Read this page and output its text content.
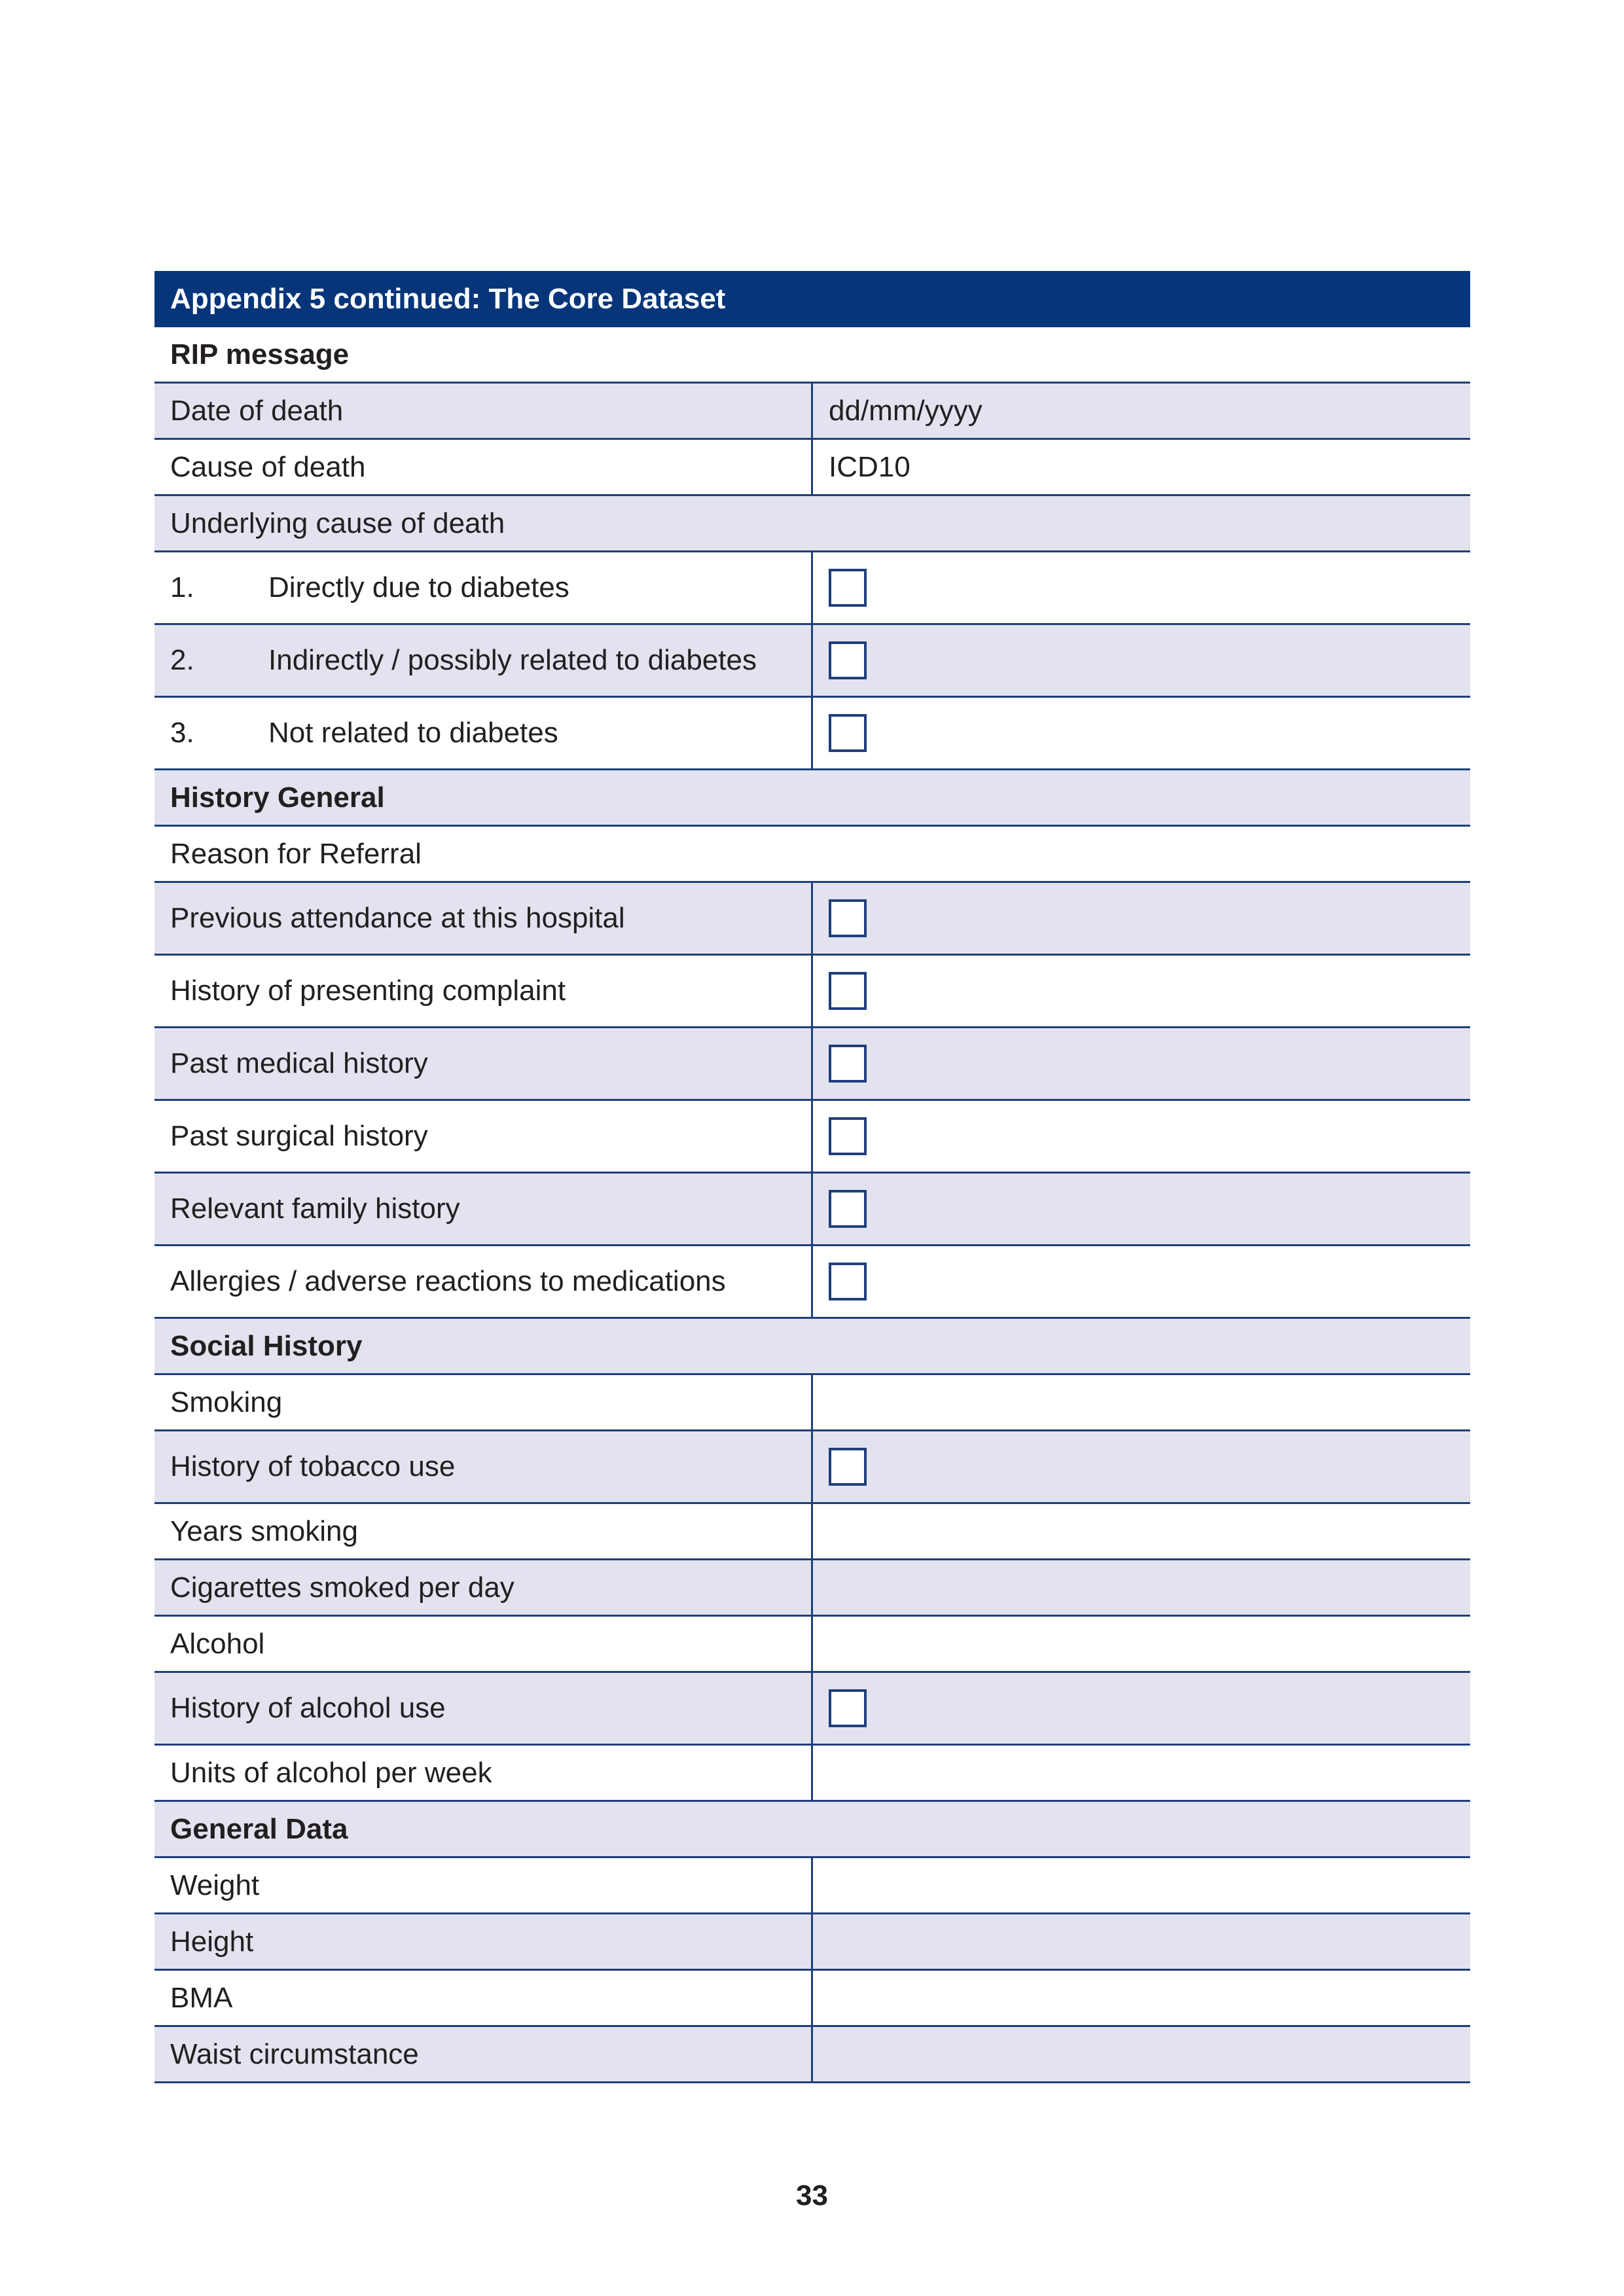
Appendix 5 continued: The Core Dataset
RIP message
Date of death	dd/mm/yyyy
Cause of death	ICD10
Underlying cause of death
1.	Directly due to diabetes
2.	Indirectly / possibly related to diabetes
3.	Not related to diabetes
History General
Reason for Referral
Previous attendance at this hospital
History of presenting complaint
Past medical history
Past surgical history
Relevant family history
Allergies / adverse reactions to medications
Social History
Smoking
History of tobacco use
Years smoking
Cigarettes smoked per day
Alcohol
History of alcohol use
Units of alcohol per week
General Data
Weight
Height
BMA
Waist circumstance
33
